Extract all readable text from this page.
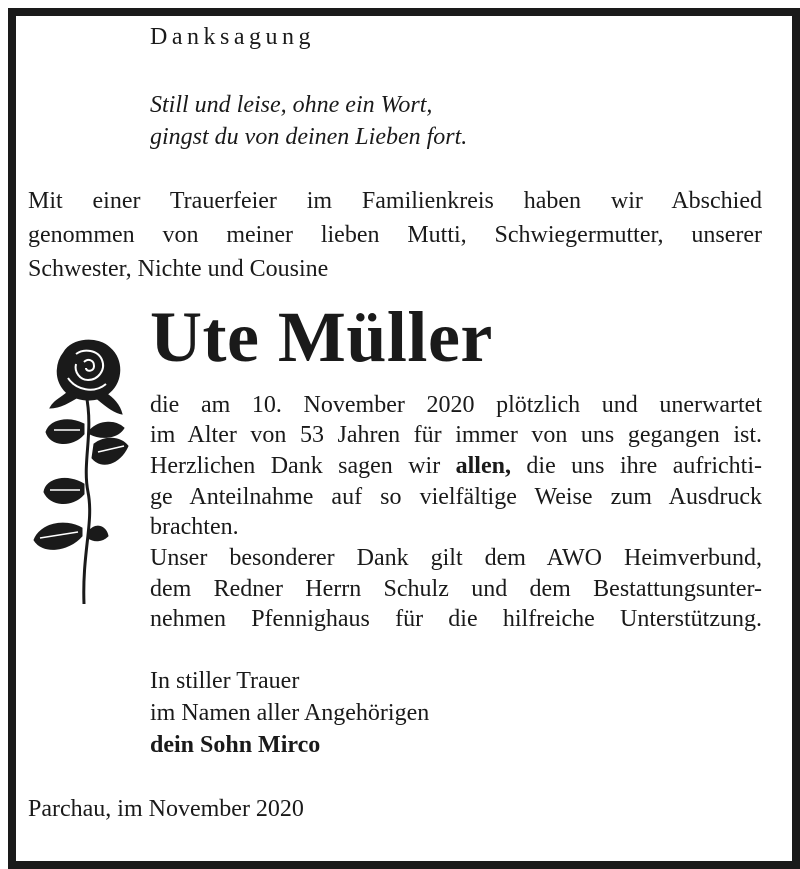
Danksagung
Still und leise, ohne ein Wort,
gingst du von deinen Lieben fort.
Mit einer Trauerfeier im Familienkreis haben wir Abschied
genommen von meiner lieben Mutti, Schwiegermutter, unserer
Schwester, Nichte und Cousine
Ute Müller
die am 10. November 2020 plötzlich und unerwartet
im Alter von 53 Jahren für immer von uns gegangen ist.
Herzlichen Dank sagen wir allen, die uns ihre aufrichti-
ge Anteilnahme auf so vielfältige Weise zum Ausdruck
brachten.
Unser besonderer Dank gilt dem AWO Heimverbund,
dem Redner Herrn Schulz und dem Bestattungsunter-
nehmen Pfennighaus für die hilfreiche Unterstützung.
In stiller Trauer
im Namen aller Angehörigen
dein Sohn Mirco
Parchau, im November 2020
